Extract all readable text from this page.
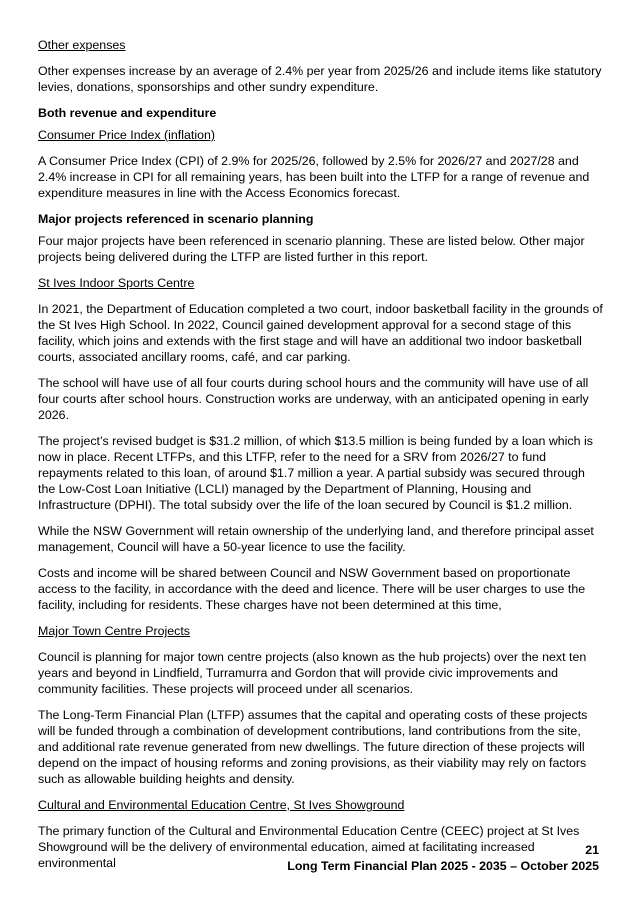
Other expenses

Other expenses increase by an average of 2.4% per year from 2025/26 and include items like statutory levies, donations, sponsorships and other sundry expenditure.

Both revenue and expenditure
Consumer Price Index (inflation)

A Consumer Price Index (CPI) of 2.9% for 2025/26, followed by 2.5% for 2026/27 and 2027/28 and 2.4% increase in CPI for all remaining years, has been built into the LTFP for a range of revenue and expenditure measures in line with the Access Economics forecast.

Major projects referenced in scenario planning

Four major projects have been referenced in scenario planning. These are listed below. Other major projects being delivered during the LTFP are listed further in this report.

St Ives Indoor Sports Centre

In 2021, the Department of Education completed a two court, indoor basketball facility in the grounds of the St Ives High School. In 2022, Council gained development approval for a second stage of this facility, which joins and extends with the first stage and will have an additional two indoor basketball courts, associated ancillary rooms, café, and car parking.

The school will have use of all four courts during school hours and the community will have use of all four courts after school hours. Construction works are underway, with an anticipated opening in early 2026.

The project’s revised budget is $31.2 million, of which $13.5 million is being funded by a loan which is now in place. Recent LTFPs, and this LTFP, refer to the need for a SRV from 2026/27 to fund repayments related to this loan, of around $1.7 million a year. A partial subsidy was secured through the Low-Cost Loan Initiative (LCLI) managed by the Department of Planning, Housing and Infrastructure (DPHI). The total subsidy over the life of the loan secured by Council is $1.2 million.

While the NSW Government will retain ownership of the underlying land, and therefore principal asset management, Council will have a 50-year licence to use the facility.

Costs and income will be shared between Council and NSW Government based on proportionate access to the facility, in accordance with the deed and licence. There will be user charges to use the facility, including for residents. These charges have not been determined at this time,

Major Town Centre Projects

Council is planning for major town centre projects (also known as the hub projects) over the next ten years and beyond in Lindfield, Turramurra and Gordon that will provide civic improvements and community facilities. These projects will proceed under all scenarios.

The Long-Term Financial Plan (LTFP) assumes that the capital and operating costs of these projects will be funded through a combination of development contributions, land contributions from the site, and additional rate revenue generated from new dwellings. The future direction of these projects will depend on the impact of housing reforms and zoning provisions, as their viability may rely on factors such as allowable building heights and density.

Cultural and Environmental Education Centre, St Ives Showground

The primary function of the Cultural and Environmental Education Centre (CEEC) project at St Ives Showground will be the delivery of environmental education, aimed at facilitating increased environmental

21
Long Term Financial Plan 2025 - 2035 – October 2025
